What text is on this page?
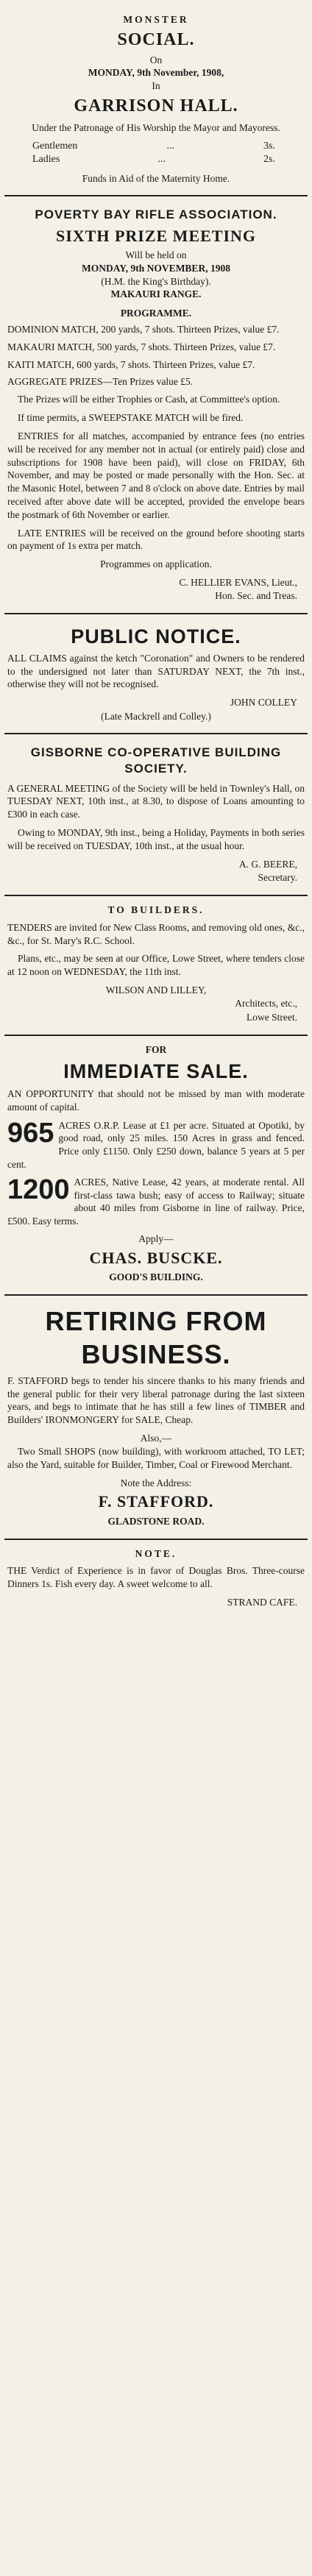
MONSTER
SOCIAL.
On
MONDAY, 9th November, 1908,
In
GARRISON HALL.

Under the Patronage of His Worship the Mayor and Mayoress.

Gentlemen	...	3s.
Ladies	...	2s.
Funds in Aid of the Maternity Home.
POVERTY BAY RIFLE ASSOCIATION.
SIXTH PRIZE MEETING
Will be held on
MONDAY, 9th NOVEMBER, 1908
(H.M. the King's Birthday).
MAKAURI RANGE.
PROGRAMME.
DOMINION MATCH, 200 yards, 7 shots. Thirteen Prizes, value £7.
MAKAURI MATCH, 500 yards, 7 shots. Thirteen Prizes, value £7.
KAITI MATCH, 600 yards, 7 shots. Thirteen Prizes, value £7.
AGGREGATE PRIZES—Ten Prizes value £5.

The Prizes will be either Trophies or Cash, at Committee's option.

If time permits, a SWEEPSTAKE MATCH will be fired.

ENTRIES for all matches, accompanied by entrance fees (no entries will be received for any member not in actual (or entirely paid) close and subscriptions for 1908 have been paid), will close on FRIDAY, 6th November, and may be posted or made personally with the Hon. Sec. at the Masonic Hotel, between 7 and 8 o'clock on above date. Entries by mail received after above date will be accepted, provided the envelope bears the postmark of 6th November or earlier.

LATE ENTRIES will be received on the ground before shooting starts on payment of 1s extra per match.

Programmes on application.

C. HELLIER EVANS, Lieut.,
Hon. Sec. and Treas.
PUBLIC NOTICE.

ALL CLAIMS against the ketch "Coronation" and Owners to be rendered to the undersigned not later than SATURDAY NEXT, the 7th inst., otherwise they will not be recognised.

JOHN COLLEY
(Late Mackrell and Colley.)
GISBORNE CO-OPERATIVE BUILDING SOCIETY.

A GENERAL MEETING of the Society will be held in Townley's Hall, on TUESDAY NEXT, 10th inst., at 8.30, to dispose of Loans amounting to £300 in each case.

Owing to MONDAY, 9th inst., being a Holiday, Payments in both series will be received on TUESDAY, 10th inst., at the usual hour.

A. G. BEERE,
Secretary.
TO BUILDERS.

TENDERS are invited for New Class Rooms, and removing old ones, &c., &c., for St. Mary's R.C. School.

Plans, etc., may be seen at our Office, Lowe Street, where tenders close at 12 noon on WEDNESDAY, the 11th inst.

WILSON AND LILLEY,
Architects, etc.,
Lowe Street.
FOR
IMMEDIATE SALE.

AN OPPORTUNITY that should not be missed by man with moderate amount of capital.

965 ACRES O.R.P. Lease at £1 per acre. Situated at Opotiki, by good road, only 25 miles. 150 Acres in grass and fenced. Price only £1150. Only £250 down, balance 5 years at 5 per cent.
1200 ACRES, Native Lease, 42 years, at moderate rental. All first-class tawa bush; easy of access to Railway; situate about 40 miles from Gisborne in line of railway. Price, £500. Easy terms.
Apply—
CHAS. BUSCKE.
GOOD'S BUILDING.
RETIRING FROM
BUSINESS.

F. STAFFORD begs to tender his sincere thanks to his many friends and the general public for their very liberal patronage during the last sixteen years, and begs to intimate that he has still a few lines of TIMBER and Builders' IRONMONGERY for SALE, Cheap.

Also,—

Two Small SHOPS (now building), with workroom attached, TO LET; also the Yard, suitable for Builder, Timber, Coal or Firewood Merchant.

Note the Address:
F. STAFFORD.
GLADSTONE ROAD.
NOTE.

THE Verdict of Experience is in favor of Douglas Bros. Three-course Dinners 1s. Fish every day. A sweet welcome to all.

STRAND CAFE.
